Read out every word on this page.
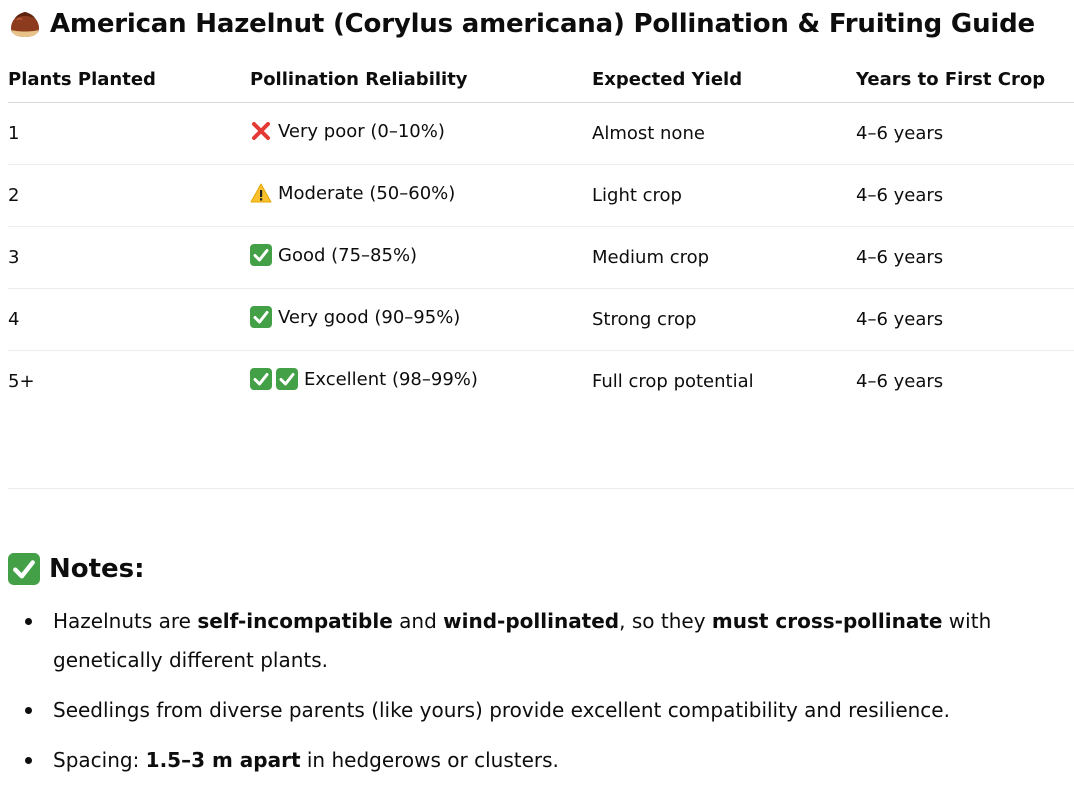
American Hazelnut (Corylus americana) Pollination & Fruiting Guide
Plants Planted	Pollination Reliability	Expected Yield	Years to First Crop
1	Very poor (0–10%)	Almost none	4–6 years
2	Moderate (50–60%)	Light crop	4–6 years
3	Good (75–85%)	Medium crop	4–6 years
4	Very good (90–95%)	Strong crop	4–6 years
5+	Excellent (98–99%)	Full crop potential	4–6 years
Notes:
Hazelnuts are self-incompatible and wind-pollinated, so they must cross-pollinate with genetically different plants.
Seedlings from diverse parents (like yours) provide excellent compatibility and resilience.
Spacing: 1.5–3 m apart in hedgerows or clusters.
